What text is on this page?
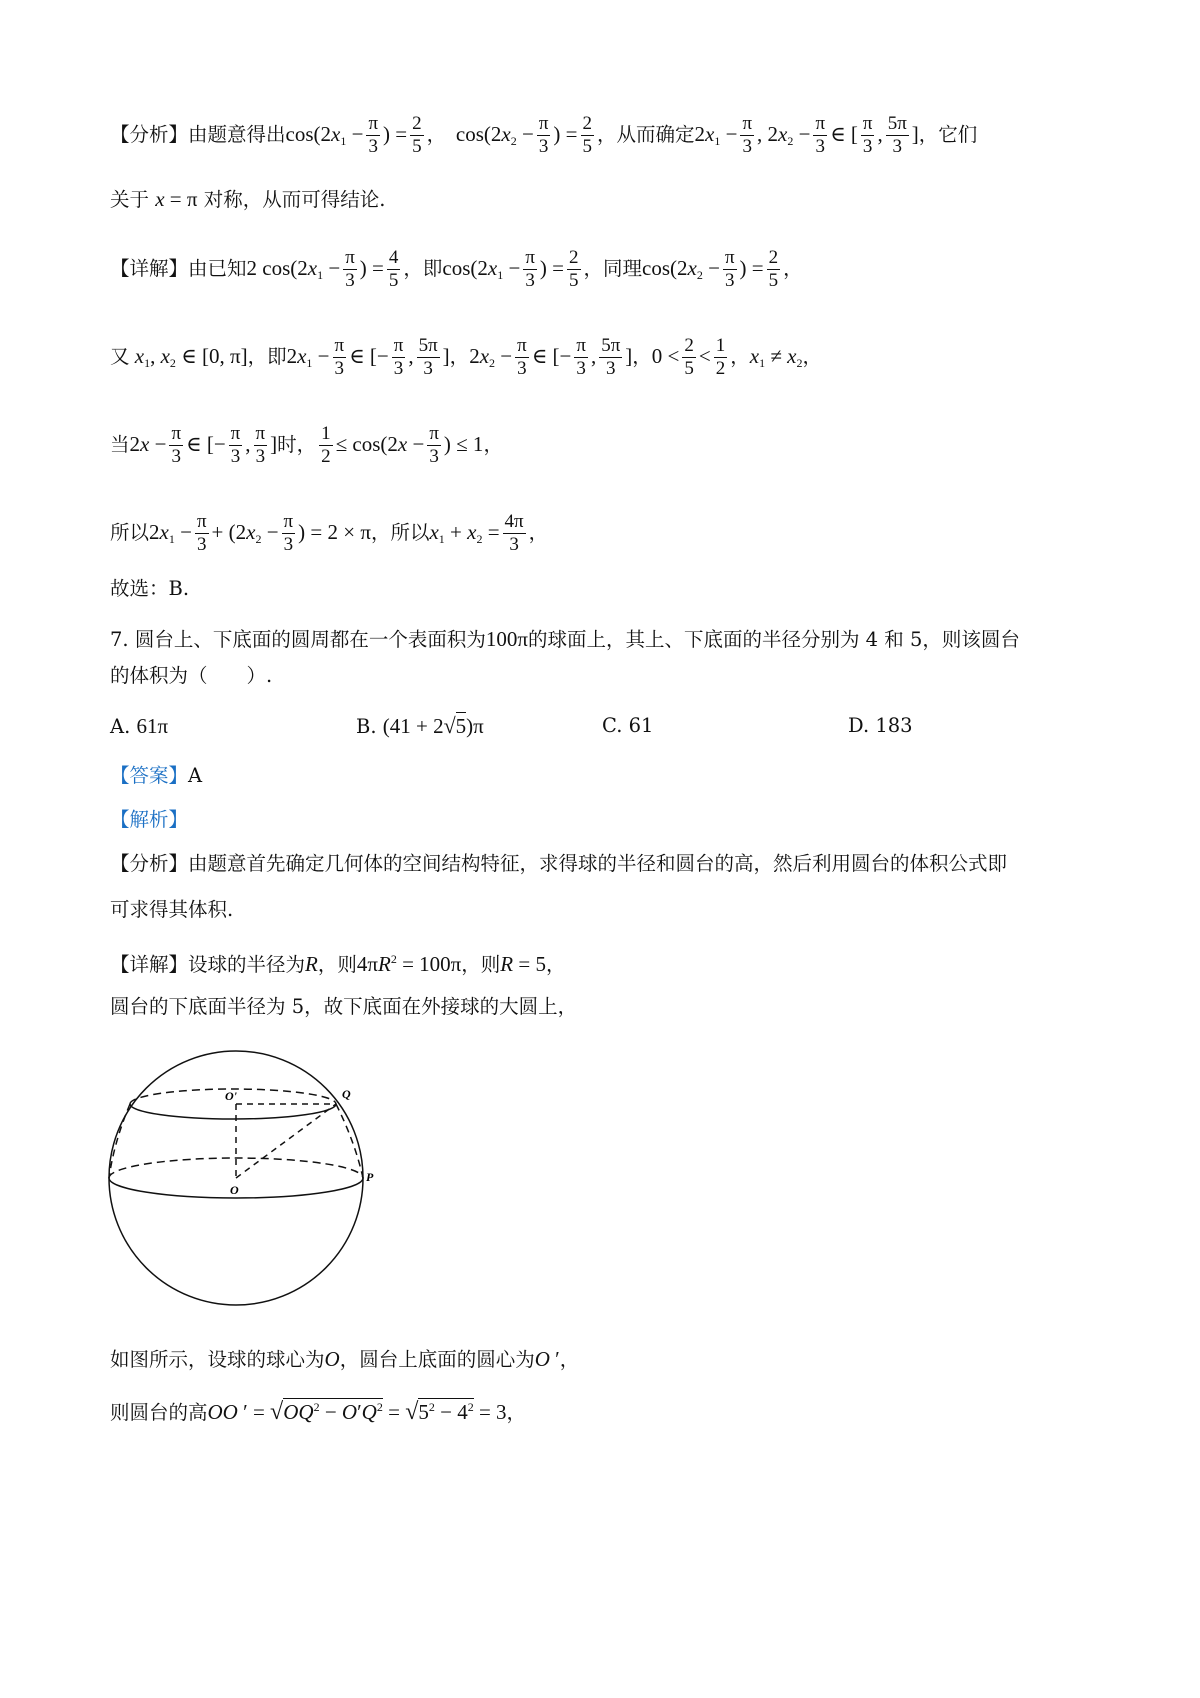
【分析】由题意得出$\cos(2x_1 - \frac{\pi}{3}$ ) = $\frac{2}{5}$ ，　$\cos(2x_2 - \frac{\pi}{3}$ ) = $\frac{2}{5}$ ，从而确定$2x_1 - \frac{\pi}{3}$ , $2x_2 - \frac{\pi}{3}$ ∈ [ $\frac{\pi}{3}$ , $\frac{5\pi}{3}$ ]，它们
关于 x = π 对称，从而可得结论.
【详解】由已知2 $\cos(2x_1 - \frac{\pi}{3}$ ) = $\frac{4}{5}$ ，即$\cos(2x_1 - \frac{\pi}{3}$ ) = $\frac{2}{5}$ ，同理$\cos(2x_2 - \frac{\pi}{3}$ ) = $\frac{2}{5}$ ，
又 $x_1$, $x_2$ ∈ [0, π]，即$2x_1 - \frac{\pi}{3}$ ∈ [− $\frac{\pi}{3}$ , $\frac{5\pi}{3}$ ]，$2x_2 - \frac{\pi}{3}$ ∈ [− $\frac{\pi}{3}$ , $\frac{5\pi}{3}$ ]，$0 < \frac{2}{5} < \frac{1}{2}$ ，$x_1 \ne x_2$，
当$2x - \frac{\pi}{3}$ ∈ [− $\frac{\pi}{3}$ , $\frac{\pi}{3}$ ]时， $\frac{1}{2} \le \cos(2x - \frac{\pi}{3}$ ) ≤ 1，
所以$2x_1 - \frac{\pi}{3} + (2x_2 - \frac{\pi}{3}$ ) = 2 × π，所以$x_1 + x_2 = \frac{4\pi}{3}$ ，
故选：B.
7. 圆台上、下底面的圆周都在一个表面积为100π的球面上，其上、下底面的半径分别为 4 和 5，则该圆台
的体积为（　　）.
A. 61π	B. (41 + 2√5)π	C. 61	D. 183
【答案】A
【解析】
【分析】由题意首先确定几何体的空间结构特征，求得球的半径和圆台的高，然后利用圆台的体积公式即
可求得其体积.
【详解】设球的半径为R，则$4\pi R^2 = 100\pi$，则R = 5，
圆台的下底面半径为 5，故下底面在外接球的大圆上，
O'	Q
O
P
如图所示，设球的球心为O，圆台上底面的圆心为O ′，
则圆台的高OO ′ = $√OQ^2 - O'Q^2 = √5^2 - 4^2 = 3$，
